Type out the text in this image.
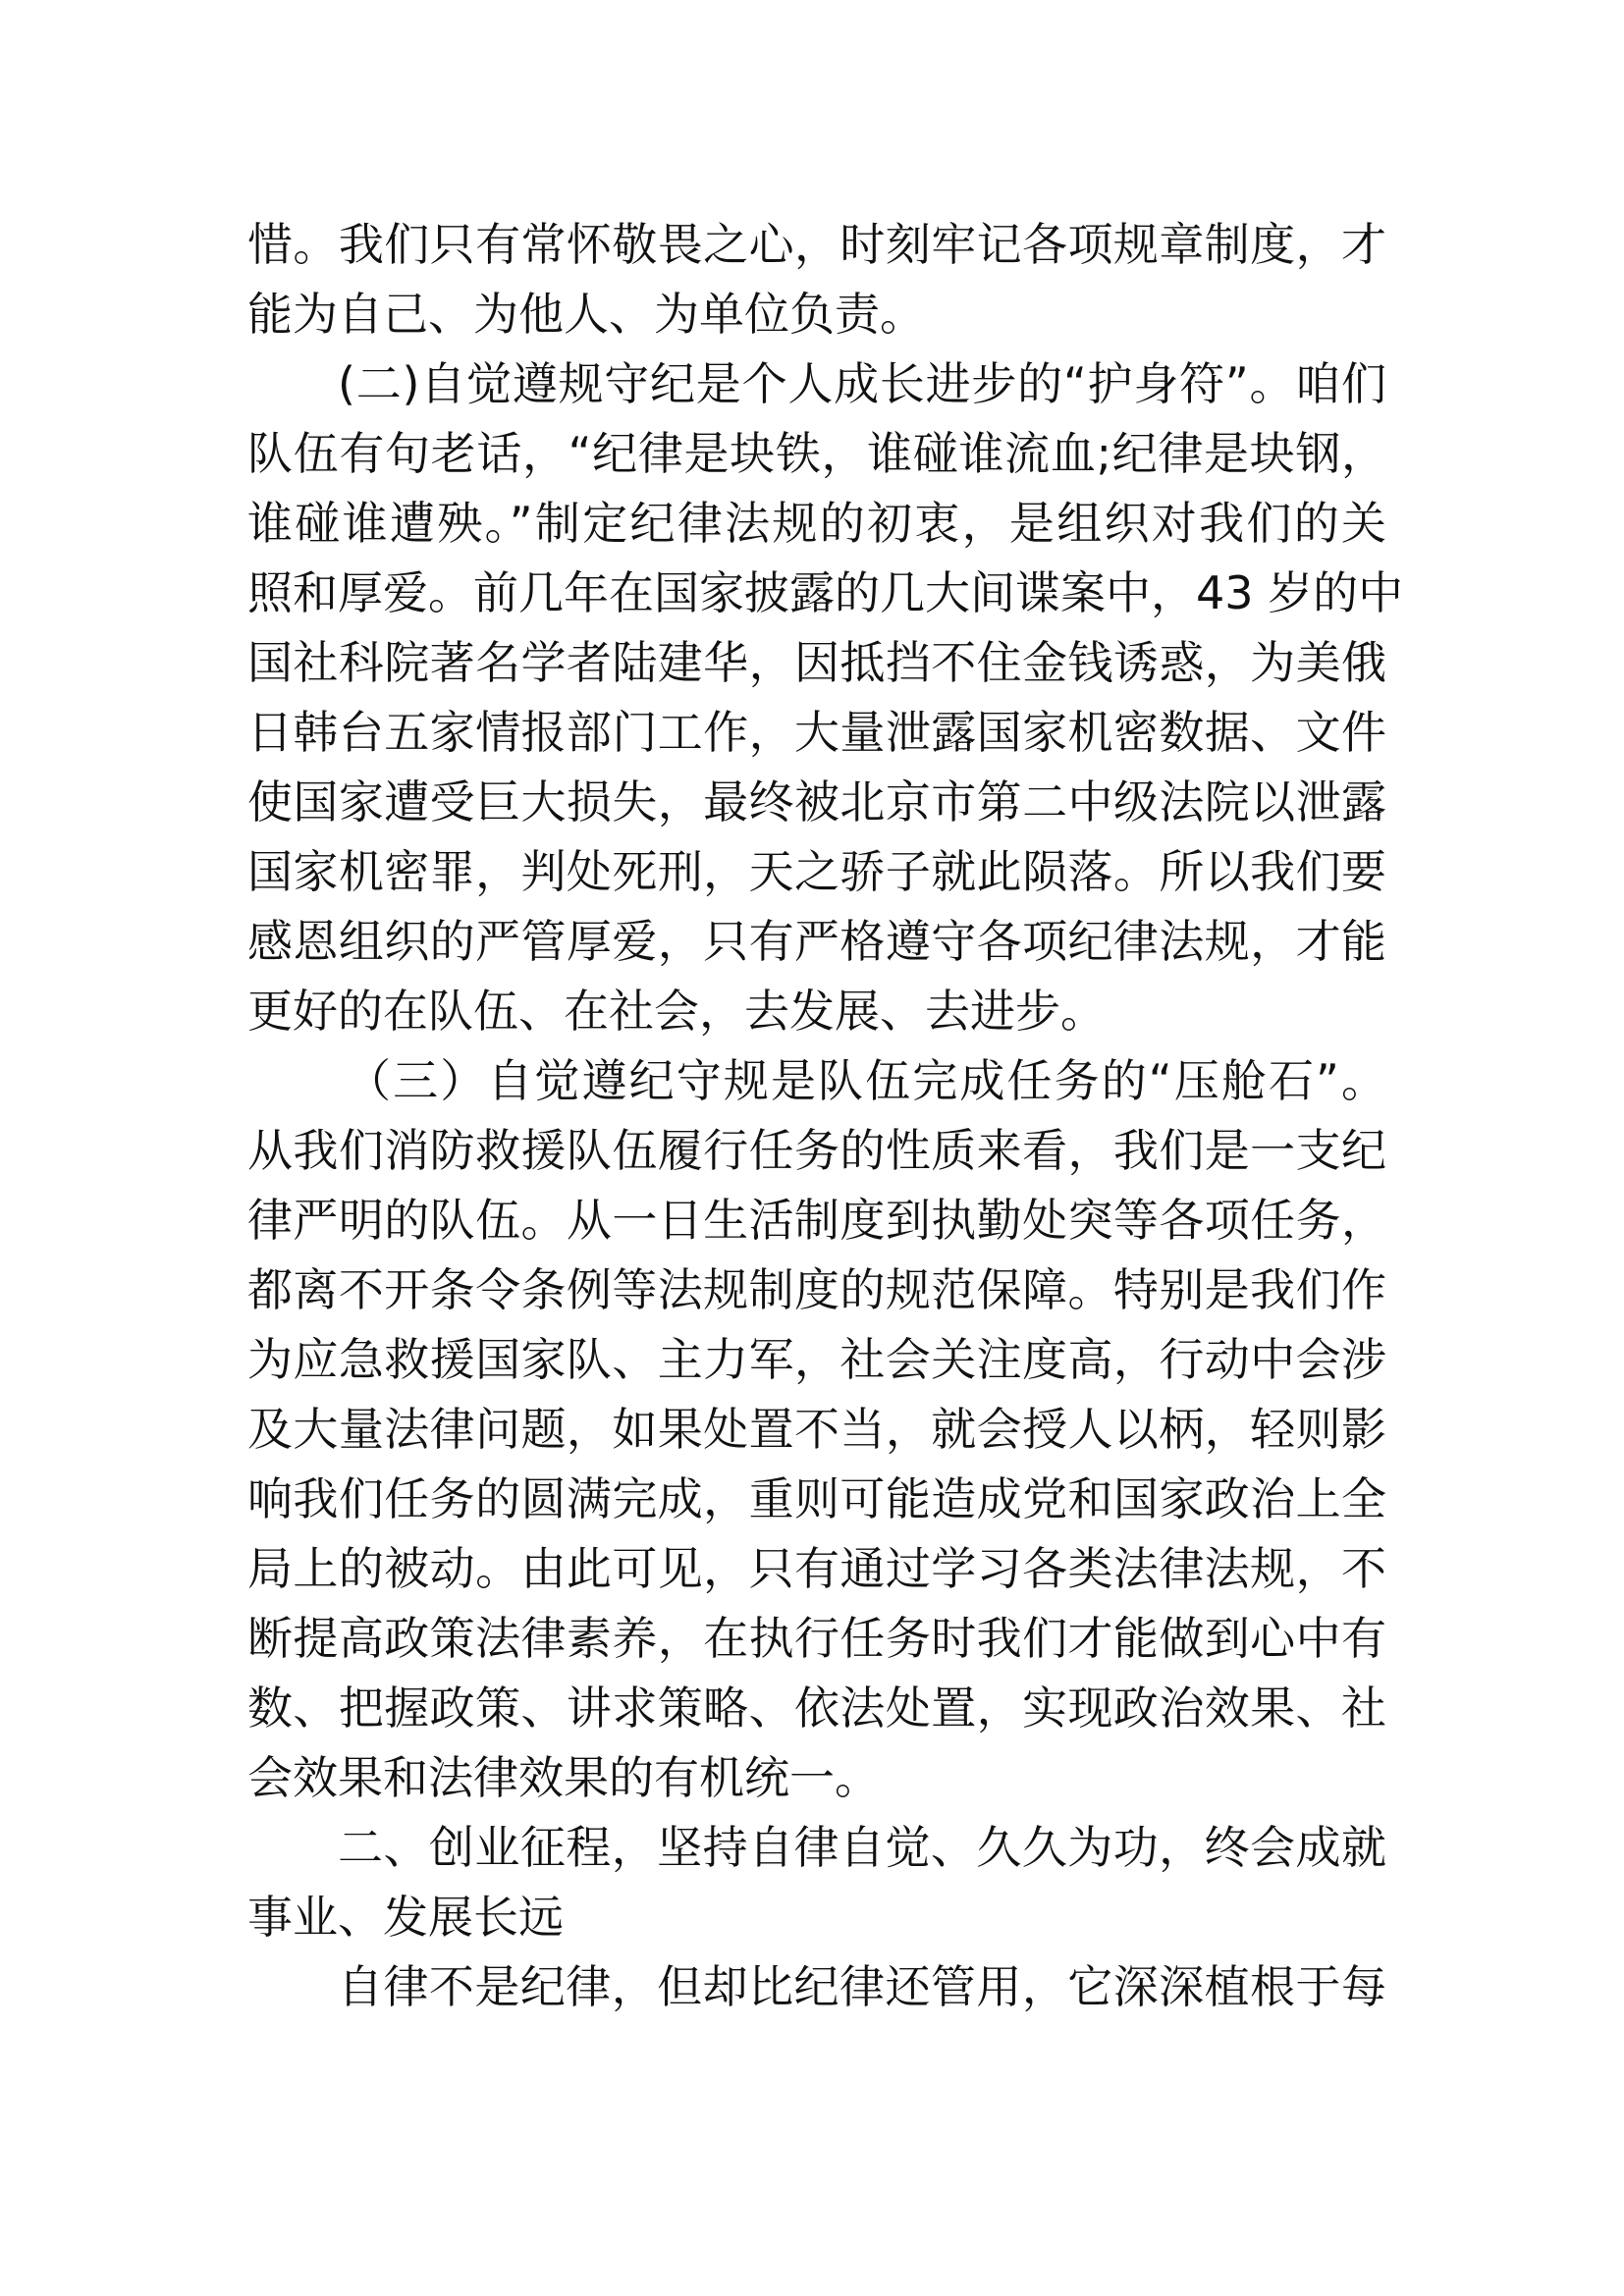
惜。我们只有常怀敬畏之心，时刻牢记各项规章制度，才
能为自己、为他人、为单位负责。
(二)自觉遵规守纪是个人成长进步的“护身符”。咱们
队伍有句老话，“纪律是块铁，谁碰谁流血;纪律是块钢，
谁碰谁遭殃。”制定纪律法规的初衷，是组织对我们的关
照和厚爱。前几年在国家披露的几大间谍案中，43 岁的中
国社科院著名学者陆建华，因抵挡不住金钱诱惑，为美俄
日韩台五家情报部门工作，大量泄露国家机密数据、文件
使国家遭受巨大损失，最终被北京市第二中级法院以泄露
国家机密罪，判处死刑，天之骄子就此陨落。所以我们要
感恩组织的严管厚爱，只有严格遵守各项纪律法规，才能
更好的在队伍、在社会，去发展、去进步。
（三）自觉遵纪守规是队伍完成任务的“压舱石”。
从我们消防救援队伍履行任务的性质来看，我们是一支纪
律严明的队伍。从一日生活制度到执勤处突等各项任务，
都离不开条令条例等法规制度的规范保障。特别是我们作
为应急救援国家队、主力军，社会关注度高，行动中会涉
及大量法律问题，如果处置不当，就会授人以柄，轻则影
响我们任务的圆满完成，重则可能造成党和国家政治上全
局上的被动。由此可见，只有通过学习各类法律法规，不
断提高政策法律素养，在执行任务时我们才能做到心中有
数、把握政策、讲求策略、依法处置，实现政治效果、社
会效果和法律效果的有机统一。
二、创业征程，坚持自律自觉、久久为功，终会成就
事业、发展长远
自律不是纪律，但却比纪律还管用，它深深植根于每
